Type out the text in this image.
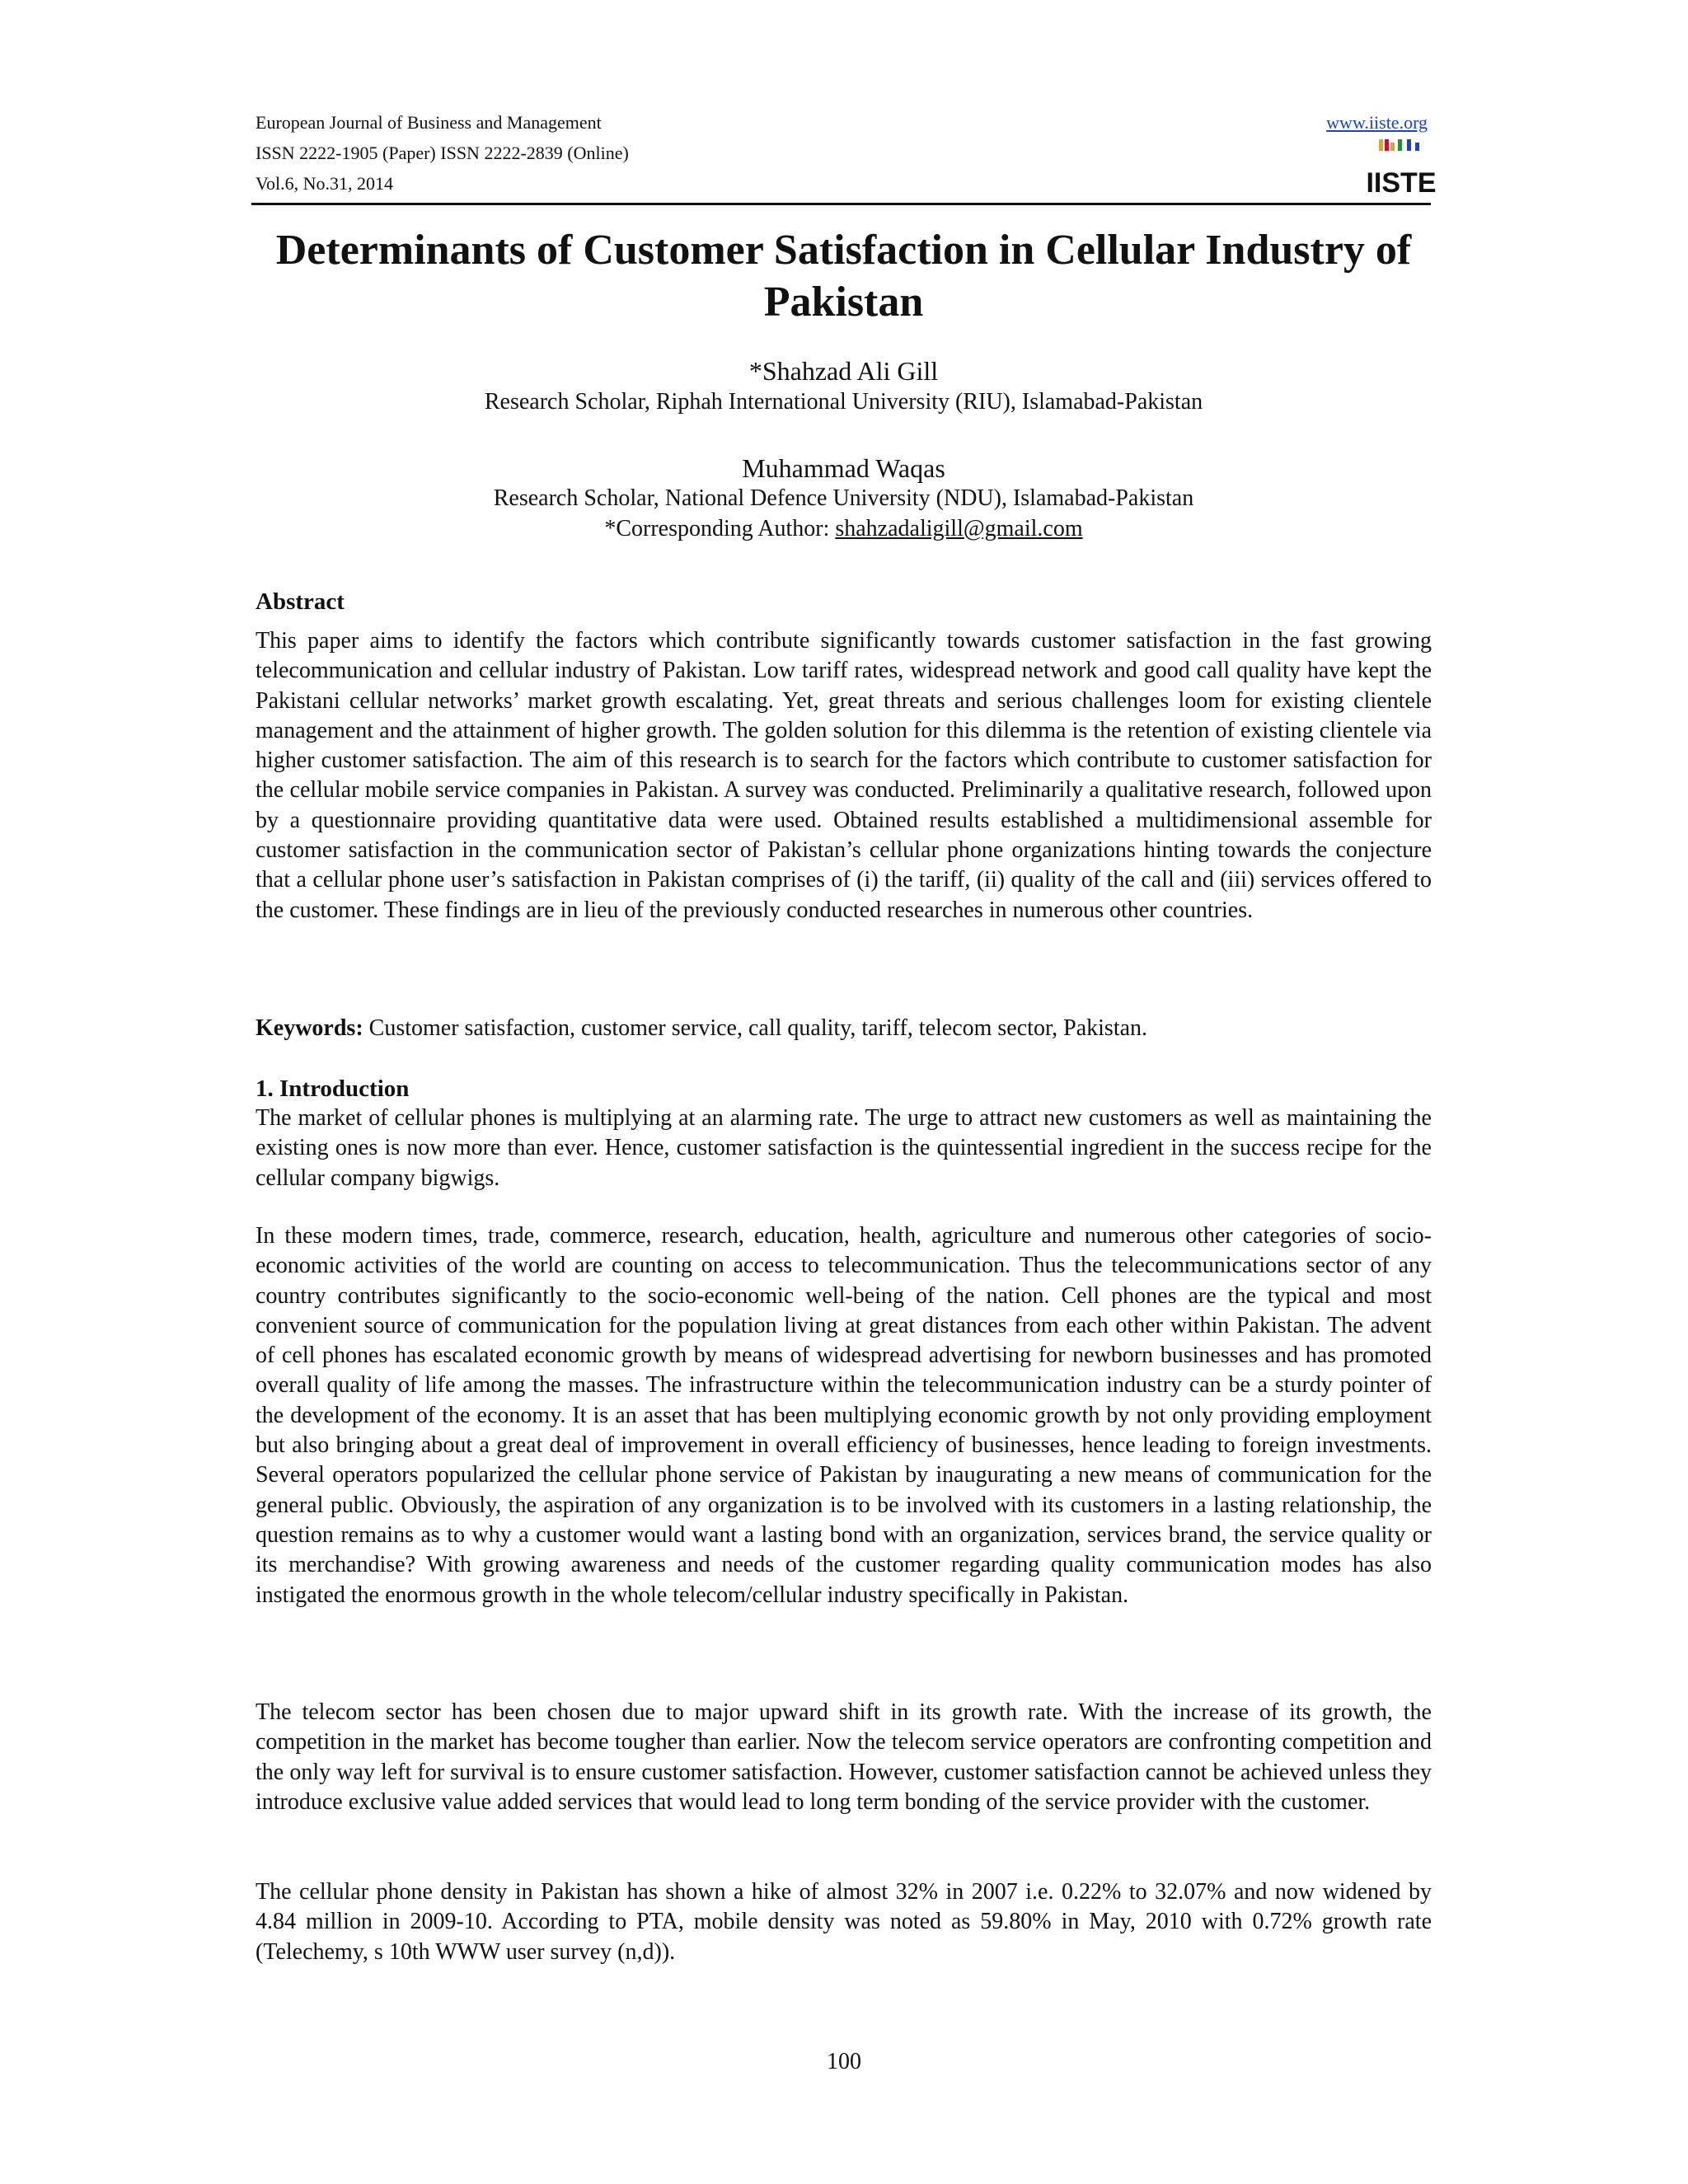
European Journal of Business and Management
ISSN 2222-1905 (Paper) ISSN 2222-2839 (Online)
Vol.6, No.31, 2014
www.iiste.org
IISTE
Determinants of Customer Satisfaction in Cellular Industry of Pakistan
*Shahzad Ali Gill
Research Scholar, Riphah International University (RIU), Islamabad-Pakistan
Muhammad Waqas
Research Scholar, National Defence University (NDU), Islamabad-Pakistan
*Corresponding Author: shahzadaligill@gmail.com
Abstract
This paper aims to identify the factors which contribute significantly towards customer satisfaction in the fast growing telecommunication and cellular industry of Pakistan. Low tariff rates, widespread network and good call quality have kept the Pakistani cellular networks’ market growth escalating. Yet, great threats and serious challenges loom for existing clientele management and the attainment of higher growth. The golden solution for this dilemma is the retention of existing clientele via higher customer satisfaction. The aim of this research is to search for the factors which contribute to customer satisfaction for the cellular mobile service companies in Pakistan. A survey was conducted. Preliminarily a qualitative research, followed upon by a questionnaire providing quantitative data were used. Obtained results established a multidimensional assemble for customer satisfaction in the communication sector of Pakistan’s cellular phone organizations hinting towards the conjecture that a cellular phone user’s satisfaction in Pakistan comprises of (i) the tariff, (ii) quality of the call and (iii) services offered to the customer. These findings are in lieu of the previously conducted researches in numerous other countries.
Keywords: Customer satisfaction, customer service, call quality, tariff, telecom sector, Pakistan.
1. Introduction
The market of cellular phones is multiplying at an alarming rate. The urge to attract new customers as well as maintaining the existing ones is now more than ever. Hence, customer satisfaction is the quintessential ingredient in the success recipe for the cellular company bigwigs.
In these modern times, trade, commerce, research, education, health, agriculture and numerous other categories of socio-economic activities of the world are counting on access to telecommunication. Thus the telecommunications sector of any country contributes significantly to the socio-economic well-being of the nation. Cell phones are the typical and most convenient source of communication for the population living at great distances from each other within Pakistan. The advent of cell phones has escalated economic growth by means of widespread advertising for newborn businesses and has promoted overall quality of life among the masses. The infrastructure within the telecommunication industry can be a sturdy pointer of the development of the economy. It is an asset that has been multiplying economic growth by not only providing employment but also bringing about a great deal of improvement in overall efficiency of businesses, hence leading to foreign investments. Several operators popularized the cellular phone service of Pakistan by inaugurating a new means of communication for the general public. Obviously, the aspiration of any organization is to be involved with its customers in a lasting relationship, the question remains as to why a customer would want a lasting bond with an organization, services brand, the service quality or its merchandise? With growing awareness and needs of the customer regarding quality communication modes has also instigated the enormous growth in the whole telecom/cellular industry specifically in Pakistan.
The telecom sector has been chosen due to major upward shift in its growth rate. With the increase of its growth, the competition in the market has become tougher than earlier. Now the telecom service operators are confronting competition and the only way left for survival is to ensure customer satisfaction. However, customer satisfaction cannot be achieved unless they introduce exclusive value added services that would lead to long term bonding of the service provider with the customer.
The cellular phone density in Pakistan has shown a hike of almost 32% in 2007 i.e. 0.22% to 32.07% and now widened by 4.84 million in 2009-10. According to PTA, mobile density was noted as 59.80% in May, 2010 with 0.72% growth rate (Telechemy, s 10th WWW user survey (n,d)).
100
